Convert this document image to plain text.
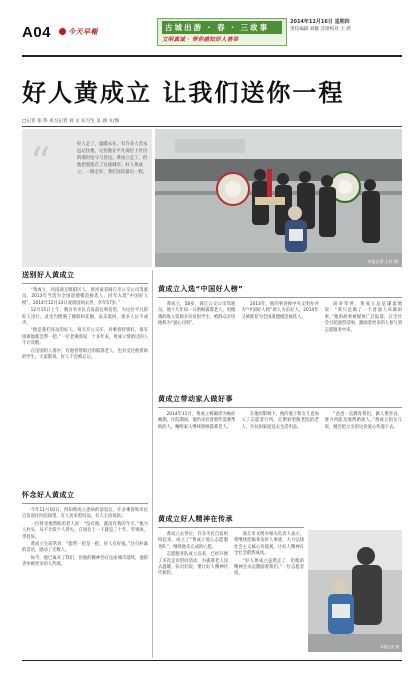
A04	今天早報	古城出游 · 春 · 三故事
文明真诚 · 带你感知好人善举
2014年12月16日 星期四
责任编辑 刘敏 首席校对 王 欣
好人黄成立 让我们送你一程
□记者 张 伟 见习记者 刘 文 实习生 吴 涵 文/图
“	好人走了，温暖永在。有许多人会永远记住他，记住他在平凡岗位上付出的那份坚守与善良。黄成立走了，但他把爱留在了这座城市。好人黄成立，一路走好，我们送你最后一程。
本报记者 王轩 摄
送别好人黄成立

“黄成立，河南商丘睢阳区人，原河南省商丘市公交公司驾驶员。2013年当选为全国道德模范候选人，同年入选“中国好人榜”。2014年12月13日凌晨因病去世，享年57岁。”

12月15日上午，数百名市民自发前往殡仪馆，为这位平凡的好人送行。灵堂内摆满了挽联和花圈，哀乐低回，很多人泣不成声。

“他是我们身边的好人，每天开公交车，对乘客特别好，谁有困难他都会帮一把。”一位老乘客说，十多年来，黄成立帮助过的人不计其数。

在送别的人群中，有他曾帮助过的孤寡老人，也有受过他资助的学生。大家都说，好人不会被忘记。

怀念好人黄成立

今年11月10日，得知黄成立患病的消息后，许多乘客和市民自发前往医院探望，有人送来慰问品，有人主动捐款。

一位曾受他帮助的老人说：“没有他，就没有我的今天。”他为人朴实，从不计较个人得失，在岗位上一干就是三十年，零事故、零投诉。

黄成立生前常说：“能帮一把是一把，好人有好报。”这句朴素的话语，感动了无数人。

如今，他已离开了我们，但他的精神仍在这座城市延续，他的善举被更多的人传颂。

黄成立入选“中国好人榜”

黄成立，58岁，商丘公交公司驾驶员。他十几年如一日照顾孤寡老人，用微薄的收入资助多名贫困学生，被群众亲切地称为“爱心司机”。

2013年，他的事迹被中央文明办评为“中国好人榜”助人为乐好人，2014年又被推荐为全国道德模范候选人。

面对荣誉，黄成立总是谦虚地说：“我只是做了一个普通人该做的事。”他的故事被媒体广泛报道，在全社会引起强烈反响，激励着更多的人参与到志愿服务中来。

黄成立带动家人做好事

2014年11月，黄成立被确诊为癌症晚期。住院期间，他仍牵挂着那些需要帮助的人，嘱咐家人继续照顾孤寡老人。

在他的影响下，他的妻子和女儿也加入了志愿者行列，定期看望敬老院的老人，为贫困家庭送去生活用品。

“爸爸一直教育我们，做人要善良，要力所能及地帮助别人。”黄成立的女儿说，她会把父亲的这份爱心传递下去。

黄成立好人精神在传承

黄成立去世后，许多市民自发组织起来，成立了“黄成立爱心志愿服务队”，继续他未完成的心愿。

志愿服务队成立以来，已经开展了多次走访慰问活动，为孤寡老人送去温暖。队员们说，要让好人精神代代相传。

商丘市文明办相关负责人表示，将继续挖掘身边好人事迹，大力弘扬社会主义核心价值观，让好人精神在全社会蔚然成风。

“好人黄成立虽然走了，但他的精神会永远激励着我们。”一位志愿者说。

本报记者 摄
